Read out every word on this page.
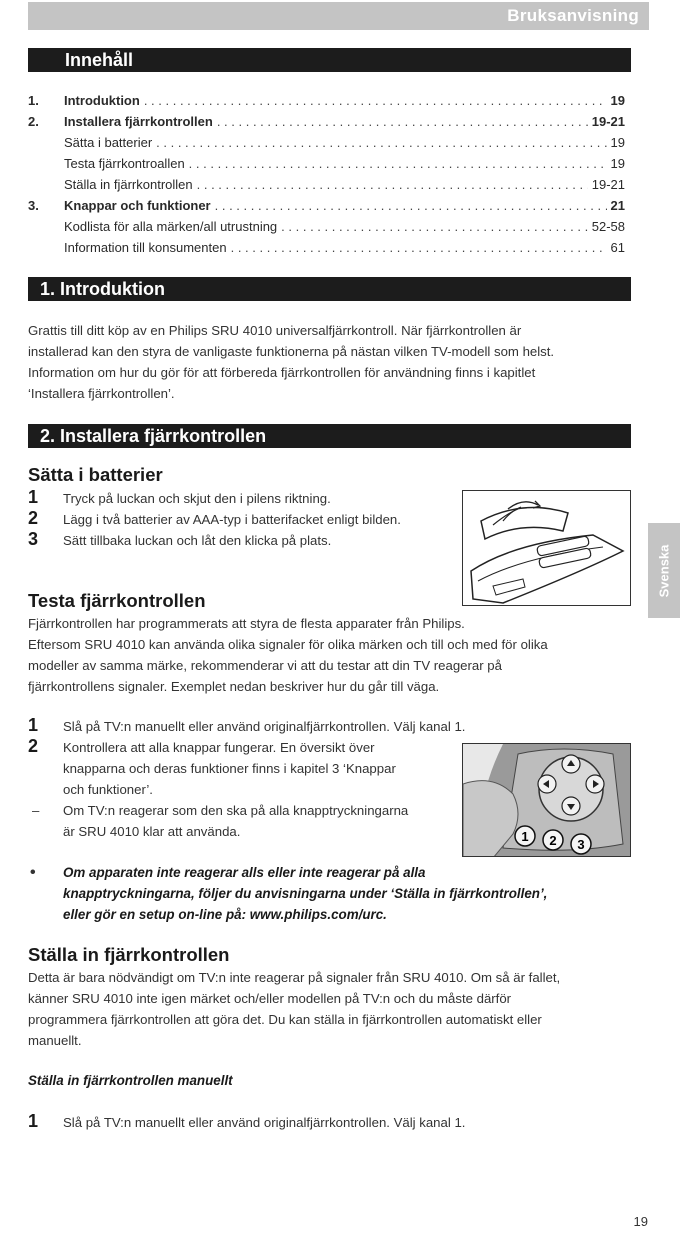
Bruksanvisning
Innehåll
1.	Introduktion . . .	19
2.	Installera fjärrkontrollen . . .	19-21
Sätta i batterier . . .	19
Testa fjärrkontroallen . . .	19
Ställa in fjärrkontrollen . . .	19-21
3.	Knappar och funktioner . . .	21
Kodlista för alla märken/all utrustning . . .	52-58
Information till konsumenten . . .	61
1. Introduktion
Grattis till ditt köp av en Philips SRU 4010 universalfjärrkontroll. När fjärrkontrollen är
installerad kan den styra de vanligaste funktionerna på nästan vilken TV-modell som helst.
Information om hur du gör för att förbereda fjärrkontrollen för användning finns i kapitlet
‘Installera fjärrkontrollen’.
2. Installera fjärrkontrollen
Sätta i batterier
1 Tryck på luckan och skjut den i pilens riktning.
2 Lägg i två batterier av AAA-typ i batterifacket enligt bilden.
3 Sätt tillbaka luckan och låt den klicka på plats.
Svenska
Testa fjärrkontrollen
Fjärrkontrollen har programmerats att styra de flesta apparater från Philips.
Eftersom SRU 4010 kan använda olika signaler för olika märken och till och med för olika
modeller av samma märke, rekommenderar vi att du testar att din TV reagerar på
fjärrkontrollens signaler. Exemplet nedan beskriver hur du går till väga.
1 Slå på TV:n manuellt eller använd originalfjärrkontrollen. Välj kanal 1.
2 Kontrollera att alla knappar fungerar. En översikt över
knapparna och deras funktioner finns i kapitel 3 ‘Knappar
och funktioner’.
– Om TV:n reagerar som den ska på alla knapptryckningarna
är SRU 4010 klar att använda.	1 2 3
• Om apparaten inte reagerar alls eller inte reagerar på alla
knapptryckningarna, följer du anvisningarna under ‘Ställa in fjärrkontrollen’,
eller gör en setup on-line på: www.philips.com/urc.
Ställa in fjärrkontrollen
Detta är bara nödvändigt om TV:n inte reagerar på signaler från SRU 4010. Om så är fallet,
känner SRU 4010 inte igen märket och/eller modellen på TV:n och du måste därför
programmera fjärrkontrollen att göra det. Du kan ställa in fjärrkontrollen automatiskt eller
manuellt.
Ställa in fjärrkontrollen manuellt
1 Slå på TV:n manuellt eller använd originalfjärrkontrollen. Välj kanal 1.
19
